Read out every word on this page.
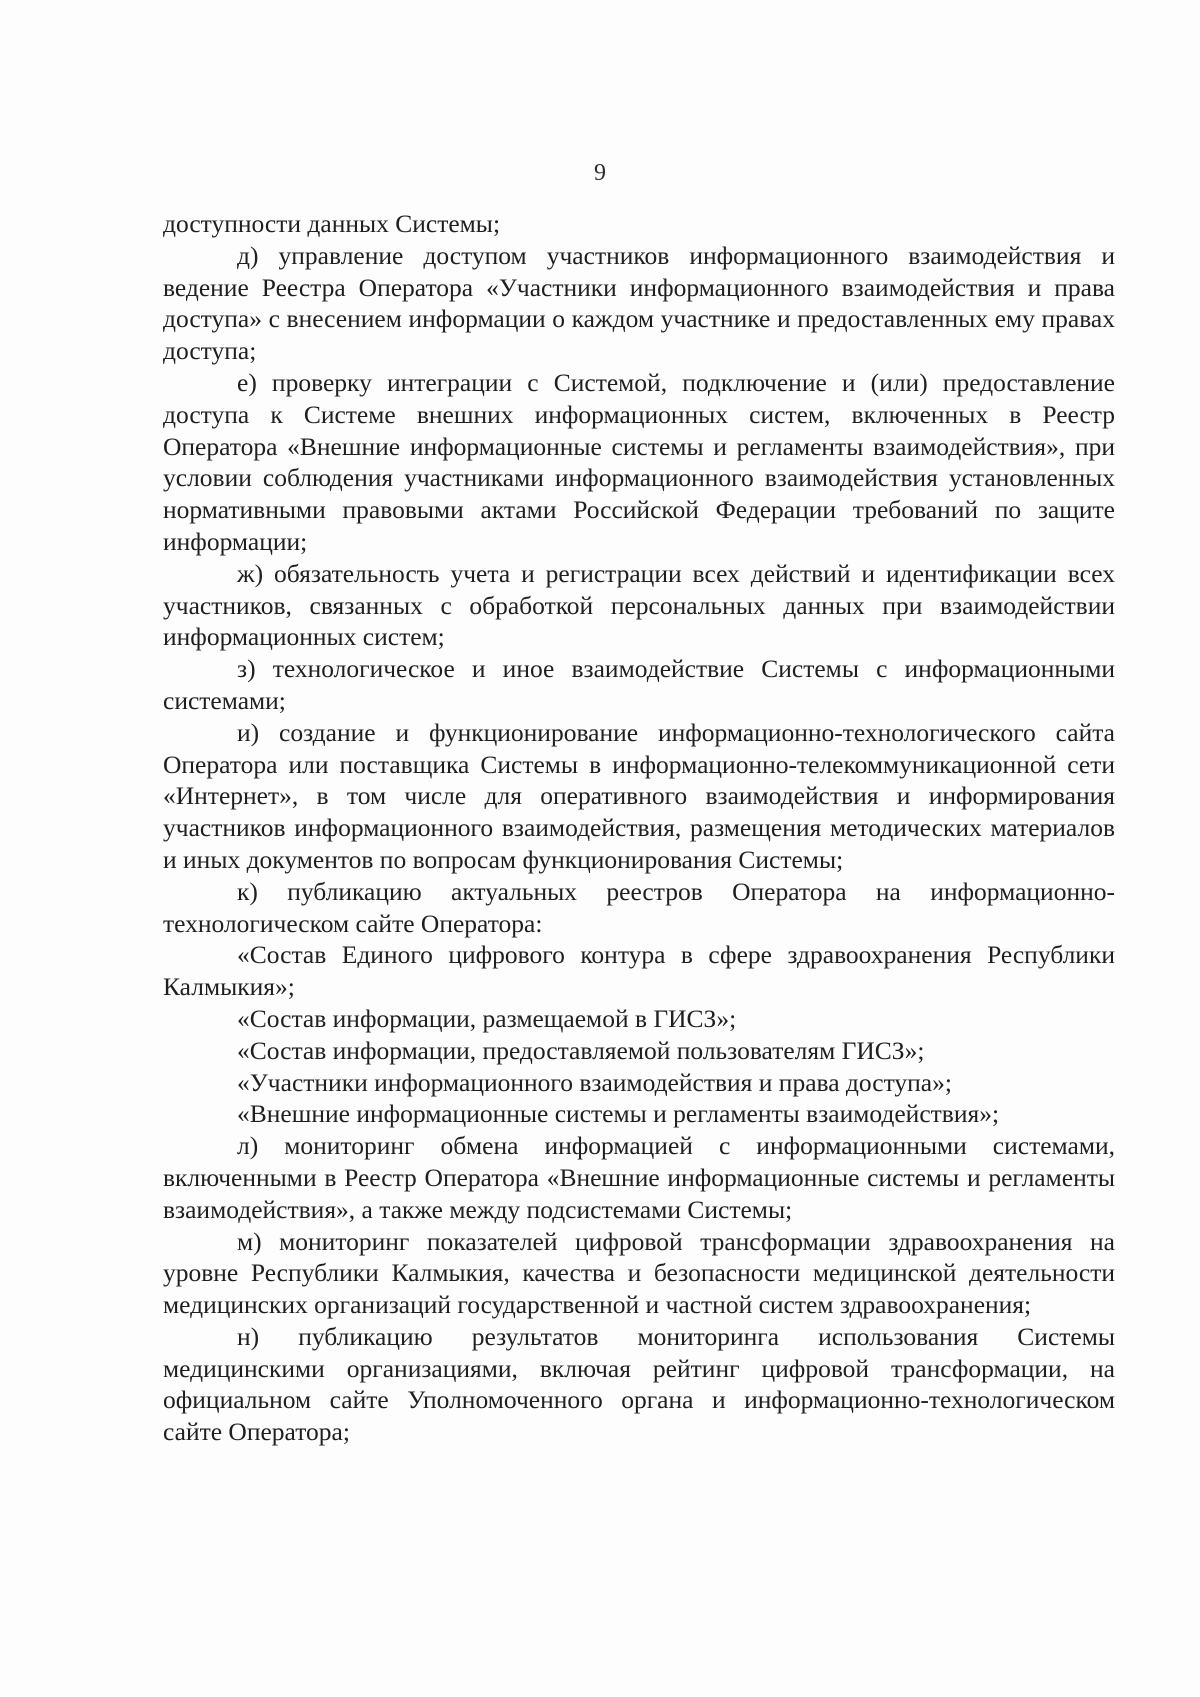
9

доступности данных Системы;

д) управление доступом участников информационного взаимодействия и ведение Реестра Оператора «Участники информационного взаимодействия и права доступа» с внесением информации о каждом участнике и предоставленных ему правах доступа;

е) проверку интеграции с Системой, подключение и (или) предоставление доступа к Системе внешних информационных систем, включенных в Реестр Оператора «Внешние информационные системы и регламенты взаимодействия», при условии соблюдения участниками информационного взаимодействия установленных нормативными правовыми актами Российской Федерации требований по защите информации;

ж) обязательность учета и регистрации всех действий и идентификации всех участников, связанных с обработкой персональных данных при взаимодействии информационных систем;

з) технологическое и иное взаимодействие Системы с информационными системами;

и) создание и функционирование информационно-технологического сайта Оператора или поставщика Системы в информационно-телекоммуникационной сети «Интернет», в том числе для оперативного взаимодействия и информирования участников информационного взаимодействия, размещения методических материалов и иных документов по вопросам функционирования Системы;

к) публикацию актуальных реестров Оператора на информационно-технологическом сайте Оператора:

«Состав Единого цифрового контура в сфере здравоохранения Республики Калмыкия»;

«Состав информации, размещаемой в ГИСЗ»;

«Состав информации, предоставляемой пользователям ГИСЗ»;

«Участники информационного взаимодействия и права доступа»;

«Внешние информационные системы и регламенты взаимодействия»;

л) мониторинг обмена информацией с информационными системами, включенными в Реестр Оператора «Внешние информационные системы и регламенты взаимодействия», а также между подсистемами Системы;

м) мониторинг показателей цифровой трансформации здравоохранения на уровне Республики Калмыкия, качества и безопасности медицинской деятельности медицинских организаций государственной и частной систем здравоохранения;

н) публикацию результатов мониторинга использования Системы медицинскими организациями, включая рейтинг цифровой трансформации, на официальном сайте Уполномоченного органа и информационно-технологическом сайте Оператора;
